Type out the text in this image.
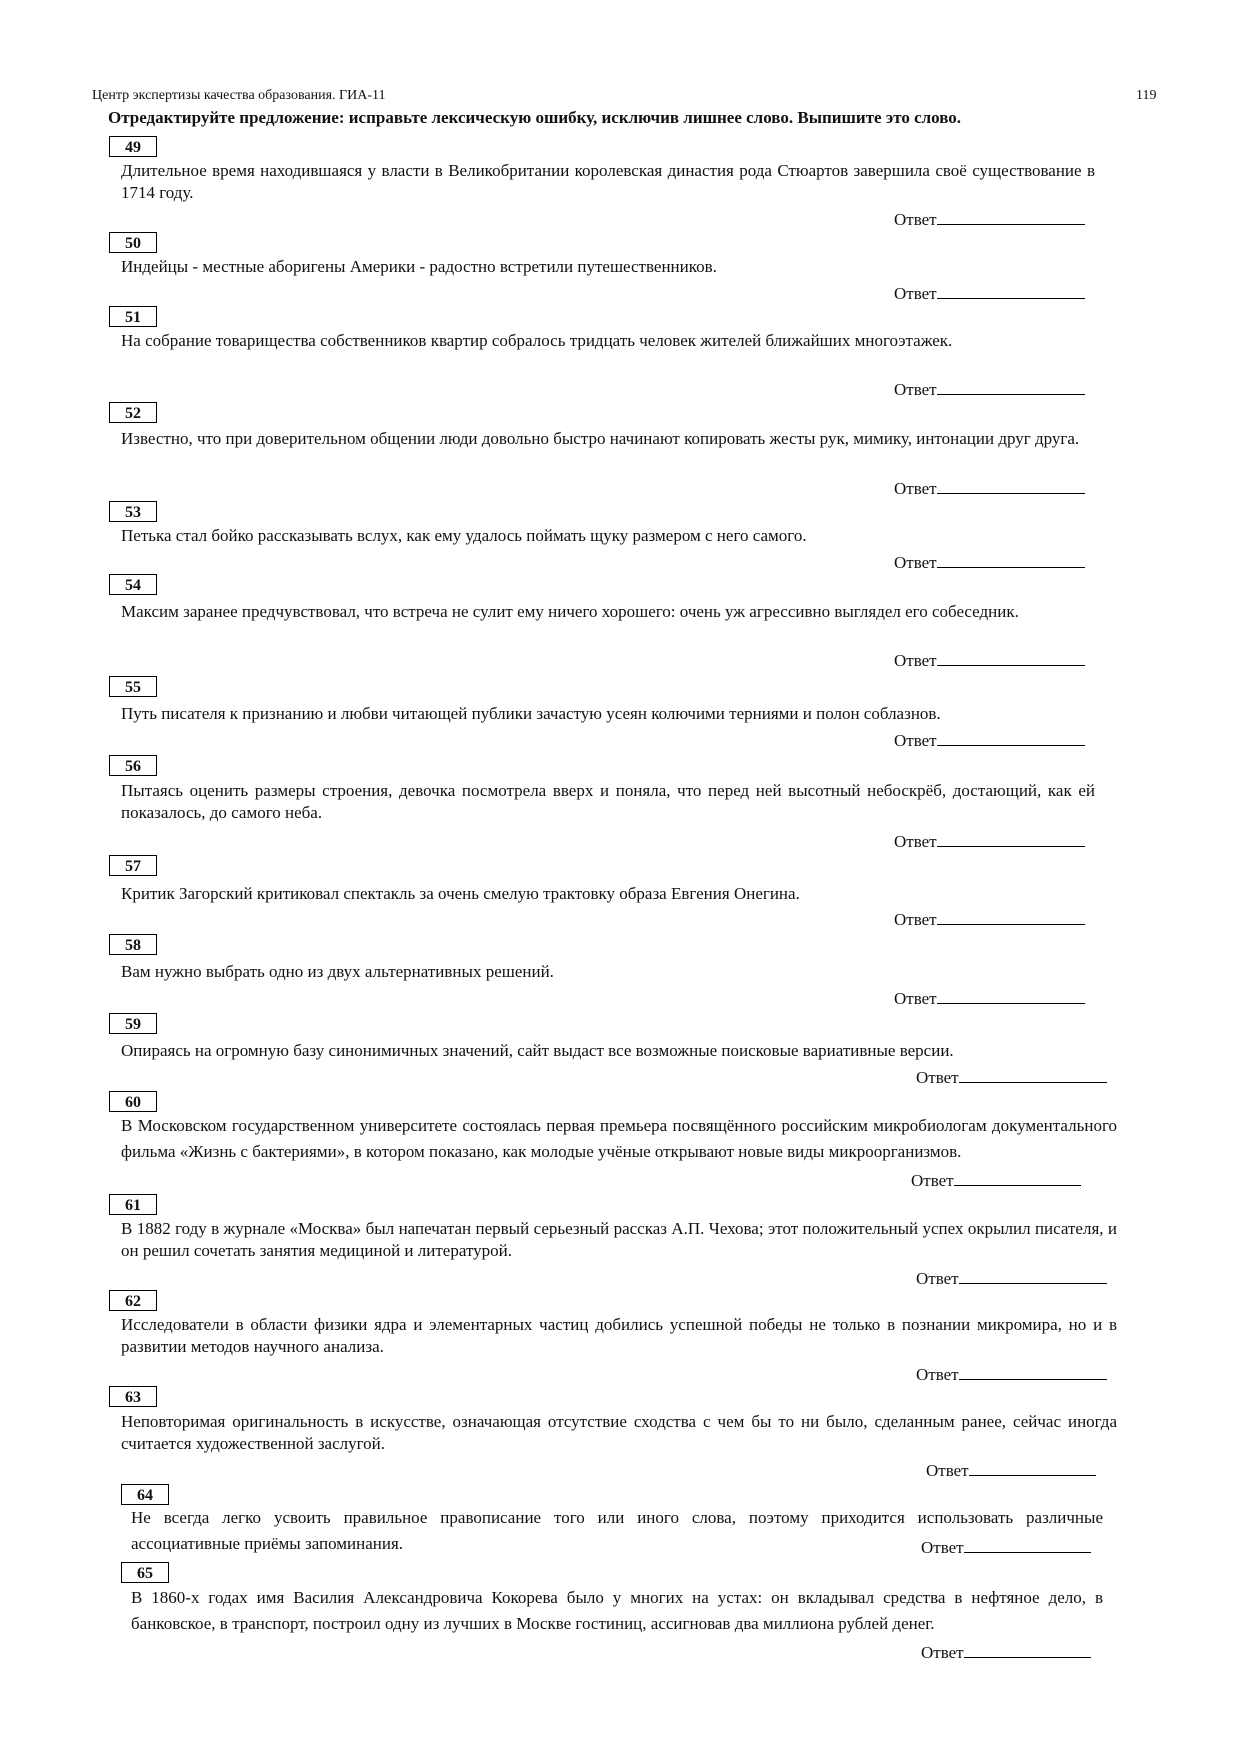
Центр экспертизы качества образования. ГИА-11	119
Отредактируйте предложение: исправьте лексическую ошибку, исключив лишнее слово. Выпишите это слово.
49
Длительное время находившаяся у власти в Великобритании королевская династия рода Стюартов завершила своё существование в 1714 году.
Ответ
50
Индейцы - местные аборигены Америки - радостно встретили путешественников.
Ответ
51
На собрание товарищества собственников квартир собралось тридцать человек жителей ближайших многоэтажек.
Ответ
52
Известно, что при доверительном общении люди довольно быстро начинают копировать жесты рук, мимику, интонации друг друга.
Ответ
53
Петька стал бойко рассказывать вслух, как ему удалось поймать щуку размером с него самого.
Ответ
54
Максим заранее предчувствовал, что встреча не сулит ему ничего хорошего: очень уж агрессивно выглядел его собеседник.
Ответ
55
Путь писателя к признанию и любви читающей публики зачастую усеян колючими терниями и полон соблазнов.
Ответ
56
Пытаясь оценить размеры строения, девочка посмотрела вверх и поняла, что перед ней высотный небоскрёб, достающий, как ей показалось, до самого неба.
Ответ
57
Критик Загорский критиковал спектакль за очень смелую трактовку образа Евгения Онегина.
Ответ
58
Вам нужно выбрать одно из двух альтернативных решений.
Ответ
59
Опираясь на огромную базу синонимичных значений, сайт выдаст все возможные поисковые вариативные версии.
Ответ
60
В Московском государственном университете состоялась первая премьера посвящённого российским микробиологам документального фильма «Жизнь с бактериями», в котором показано, как молодые учёные открывают новые виды микроорганизмов.
Ответ
61
В 1882 году в журнале «Москва» был напечатан первый серьезный рассказ А.П. Чехова; этот положительный успех окрылил писателя, и он решил сочетать занятия медициной и литературой.
Ответ
62
Исследователи в области физики ядра и элементарных частиц добились успешной победы не только в познании микромира, но и в развитии методов научного анализа.
Ответ
63
Неповторимая оригинальность в искусстве, означающая отсутствие сходства с чем бы то ни было, сделанным ранее, сейчас иногда считается художественной заслугой.
Ответ
64
Не всегда легко усвоить правильное правописание того или иного слова, поэтому приходится использовать различные ассоциативные приёмы запоминания.	Ответ
65
В 1860-х годах имя Василия Александровича Кокорева было у многих на устах: он вкладывал средства в нефтяное дело, в банковское, в транспорт, построил одну из лучших в Москве гостиниц, ассигновав два миллиона рублей денег.
Ответ
